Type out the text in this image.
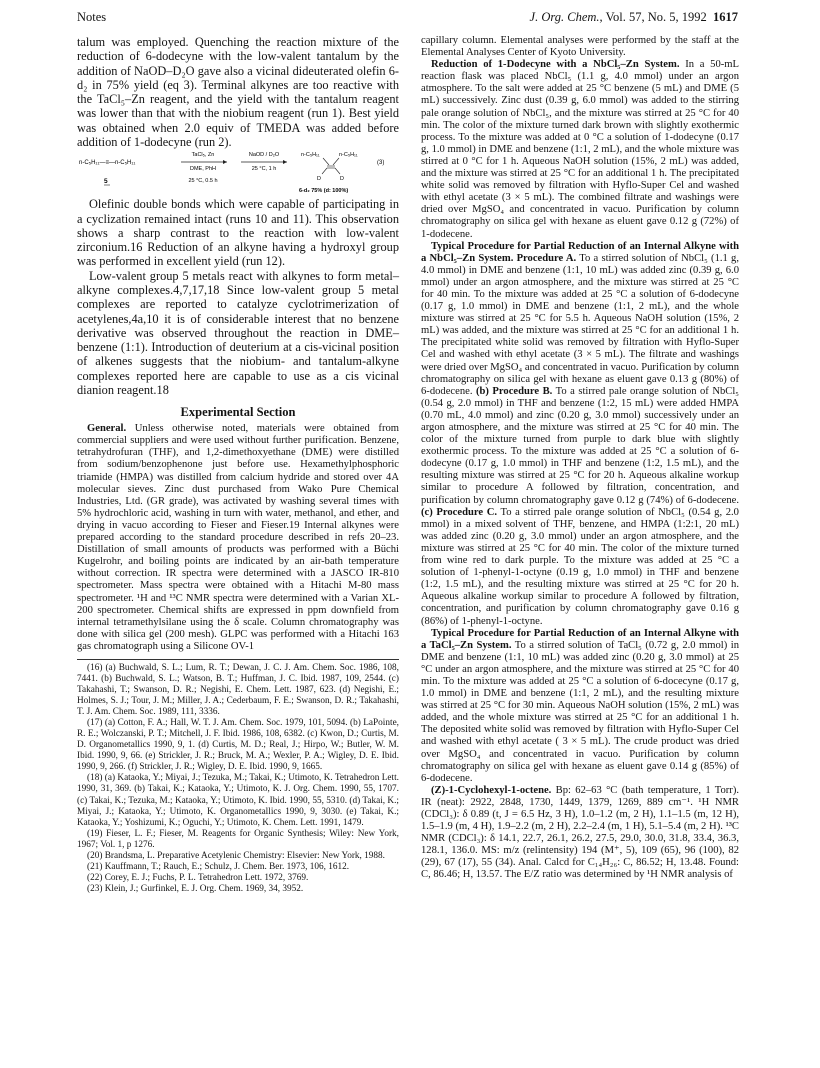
Notes	J. Org. Chem., Vol. 57, No. 5, 1992 1617

talum was employed. Quenching the reaction mixture of the reduction of 6-dodecyne with the low-valent tantalum by the addition of NaOD–D₂O gave also a vicinal dideuterated olefin 6-d₂ in 75% yield (eq 3). Terminal alkynes are too reactive with the TaCl₅–Zn reagent, and the yield with the tantalum reagent was lower than that with the niobium reagent (run 1). Best yield was obtained when 2.0 equiv of TMEDA was added before addition of 1-dodecyne (run 2).

n-C₅H₁₁—≡—n-C₅H₁₁
5
TaCl₅, Zn
DME, PhH
25 °C, 0.5 h
NaOD / D₂O
25 °C, 1 h
n-C₅H₁₁	n-C₅H₁₁
D	D
6-d₂ 75% (d: 100%)
(3)

Olefinic double bonds which were capable of participating in a cyclization remained intact (runs 10 and 11). This observation shows a sharp contrast to the reaction with low-valent zirconium.16 Reduction of an alkyne having a hydroxyl group was performed in excellent yield (run 12).

Low-valent group 5 metals react with alkynes to form metal–alkyne complexes.4,7,17,18 Since low-valent group 5 metal complexes are reported to catalyze cyclotrimerization of acetylenes,4a,10 it is of considerable interest that no benzene derivative was observed throughout the reaction in DME–benzene (1:1). Introduction of deuterium at a cis-vicinal position of alkenes suggests that the niobium- and tantalum-alkyne complexes reported here are capable to use as a cis vicinal dianion reagent.18

Experimental Section

General. Unless otherwise noted, materials were obtained from commercial suppliers and were used without further purification. Benzene, tetrahydrofuran (THF), and 1,2-dimethoxyethane (DME) were distilled from sodium/benzophenone just before use. Hexamethylphosphoric triamide (HMPA) was distilled from calcium hydride and stored over 4A molecular sieves. Zinc dust purchased from Wako Pure Chemical Industries, Ltd. (GR grade), was activated by washing several times with 5% hydrochloric acid, washing in turn with water, methanol, and ether, and drying in vacuo according to Fieser and Fieser.19 Internal alkynes were prepared according to the standard procedure described in refs 20–23. Distillation of small amounts of products was performed with a Büchi Kugelrohr, and boiling points are indicated by an air-bath temperature without correction. IR spectra were determined with a JASCO IR-810 spectrometer. Mass spectra were obtained with a Hitachi M-80 mass spectrometer. ¹H and ¹³C NMR spectra were determined with a Varian XL-200 spectrometer. Chemical shifts are expressed in ppm downfield from internal tetramethylsilane using the δ scale. Column chromatography was done with silica gel (200 mesh). GLPC was performed with a Hitachi 163 gas chromatograph using a Silicone OV-1

(16) (a) Buchwald, S. L.; Lum, R. T.; Dewan, J. C. J. Am. Chem. Soc. 1986, 108, 7441. (b) Buchwald, S. L.; Watson, B. T.; Huffman, J. C. Ibid. 1987, 109, 2544. (c) Takahashi, T.; Swanson, D. R.; Negishi, E. Chem. Lett. 1987, 623. (d) Negishi, E.; Holmes, S. J.; Tour, J. M.; Miller, J. A.; Cederbaum, F. E.; Swanson, D. R.; Takahashi, T. J. Am. Chem. Soc. 1989, 111, 3336.

(17) (a) Cotton, F. A.; Hall, W. T. J. Am. Chem. Soc. 1979, 101, 5094. (b) LaPointe, R. E.; Wolczanski, P. T.; Mitchell, J. F. Ibid. 1986, 108, 6382. (c) Kwon, D.; Curtis, M. D. Organometallics 1990, 9, 1. (d) Curtis, M. D.; Real, J.; Hirpo, W.; Butler, W. M. Ibid. 1990, 9, 66. (e) Strickler, J. R.; Bruck, M. A.; Wexler, P. A.; Wigley, D. E. Ibid. 1990, 9, 266. (f) Strickler, J. R.; Wigley, D. E. Ibid. 1990, 9, 1665.

(18) (a) Kataoka, Y.; Miyai, J.; Tezuka, M.; Takai, K.; Utimoto, K. Tetrahedron Lett. 1990, 31, 369. (b) Takai, K.; Kataoka, Y.; Utimoto, K. J. Org. Chem. 1990, 55, 1707. (c) Takai, K.; Tezuka, M.; Kataoka, Y.; Utimoto, K. Ibid. 1990, 55, 5310. (d) Takai, K.; Miyai, J.; Kataoka, Y.; Utimoto, K. Organometallics 1990, 9, 3030. (e) Takai, K.; Kataoka, Y.; Yoshizumi, K.; Oguchi, Y.; Utimoto, K. Chem. Lett. 1991, 1479.

(19) Fieser, L. F.; Fieser, M. Reagents for Organic Synthesis; Wiley: New York, 1967; Vol. 1, p 1276.

(20) Brandsma, L. Preparative Acetylenic Chemistry: Elsevier: New York, 1988.

(21) Kauffmann, T.; Rauch, E.; Schulz, J. Chem. Ber. 1973, 106, 1612.

(22) Corey, E. J.; Fuchs, P. L. Tetrahedron Lett. 1972, 3769.

(23) Klein, J.; Gurfinkel, E. J. Org. Chem. 1969, 34, 3952.

capillary column. Elemental analyses were performed by the staff at the Elemental Analyses Center of Kyoto University.

Reduction of 1-Dodecyne with a NbCl₅–Zn System. In a 50-mL reaction flask was placed NbCl₅ (1.1 g, 4.0 mmol) under an argon atmosphere. To the salt were added at 25 °C benzene (5 mL) and DME (5 mL) successively. Zinc dust (0.39 g, 6.0 mmol) was added to the stirring pale orange solution of NbCl₅, and the mixture was stirred at 25 °C for 40 min. The color of the mixture turned dark brown with slightly exothermic process. To the mixture was added at 0 °C a solution of 1-dodecyne (0.17 g, 1.0 mmol) in DME and benzene (1:1, 2 mL), and the whole mixture was stirred at 0 °C for 1 h. Aqueous NaOH solution (15%, 2 mL) was added, and the mixture was stirred at 25 °C for an additional 1 h. The precipitated white solid was removed by filtration with Hyflo-Super Cel and washed with ethyl acetate (3 × 5 mL). The combined filtrate and washings were dried over MgSO₄ and concentrated in vacuo. Purification by column chromatography on silica gel with hexane as eluent gave 0.12 g (72%) of 1-dodecene.

Typical Procedure for Partial Reduction of an Internal Alkyne with a NbCl₅–Zn System. Procedure A. To a stirred solution of NbCl₅ (1.1 g, 4.0 mmol) in DME and benzene (1:1, 10 mL) was added zinc (0.39 g, 6.0 mmol) under an argon atmosphere, and the mixture was stirred at 25 °C for 40 min. To the mixture was added at 25 °C a solution of 6-dodecyne (0.17 g, 1.0 mmol) in DME and benzene (1:1, 2 mL), and the whole mixture was stirred at 25 °C for 5.5 h. Aqueous NaOH solution (15%, 2 mL) was added, and the mixture was stirred at 25 °C for an additional 1 h. The precipitated white solid was removed by filtration with Hyflo-Super Cel and washed with ethyl acetate (3 × 5 mL). The filtrate and washings were dried over MgSO₄ and concentrated in vacuo. Purification by column chromatography on silica gel with hexane as eluent gave 0.13 g (80%) of 6-dodecene. (b) Procedure B. To a stirred pale orange solution of NbCl₅ (0.54 g, 2.0 mmol) in THF and benzene (1:2, 15 mL) were added HMPA (0.70 mL, 4.0 mmol) and zinc (0.20 g, 3.0 mmol) successively under an argon atmosphere, and the mixture was stirred at 25 °C for 40 min. The color of the mixture turned from purple to dark blue with slightly exothermic process. To the mixture was added at 25 °C a solution of 6-dodecyne (0.17 g, 1.0 mmol) in THF and benzene (1:2, 1.5 mL), and the resulting mixture was stirred at 25 °C for 20 h. Aqueous alkaline workup similar to procedure A followed by filtration, concentration, and purification by column chromatography gave 0.12 g (74%) of 6-dodecene. (c) Procedure C. To a stirred pale orange solution of NbCl₅ (0.54 g, 2.0 mmol) in a mixed solvent of THF, benzene, and HMPA (1:2:1, 20 mL) was added zinc (0.20 g, 3.0 mmol) under an argon atmosphere, and the mixture was stirred at 25 °C for 40 min. The color of the mixture turned from wine red to dark purple. To the mixture was added at 25 °C a solution of 1-phenyl-1-octyne (0.19 g, 1.0 mmol) in THF and benzene (1:2, 1.5 mL), and the resulting mixture was stirred at 25 °C for 20 h. Aqueous alkaline workup similar to procedure A followed by filtration, concentration, and purification by column chromatography gave 0.16 g (86%) of 1-phenyl-1-octyne.

Typical Procedure for Partial Reduction of an Internal Alkyne with a TaCl₅–Zn System. To a stirred solution of TaCl₅ (0.72 g, 2.0 mmol) in DME and benzene (1:1, 10 mL) was added zinc (0.20 g, 3.0 mmol) at 25 °C under an argon atmosphere, and the mixture was stirred at 25 °C for 40 min. To the mixture was added at 25 °C a solution of 6-docecyne (0.17 g, 1.0 mmol) in DME and benzene (1:1, 2 mL), and the resulting mixture was stirred at 25 °C for 30 min. Aqueous NaOH solution (15%, 2 mL) was added, and the whole mixture was stirred at 25 °C for an additional 1 h. The deposited white solid was removed by filtration with Hyflo-Super Cel and washed with ethyl acetate ( 3 × 5 mL). The crude product was dried over MgSO₄ and concentrated in vacuo. Purification by column chromatography on silica gel with hexane as eluent gave 0.14 g (85%) of 6-dodecene.

(Z)-1-Cyclohexyl-1-octene. Bp: 62–63 °C (bath temperature, 1 Torr). IR (neat): 2922, 2848, 1730, 1449, 1379, 1269, 889 cm⁻¹. ¹H NMR (CDCl₃): δ 0.89 (t, J = 6.5 Hz, 3 H), 1.0–1.2 (m, 2 H), 1.1–1.5 (m, 12 H), 1.5–1.9 (m, 4 H), 1.9–2.2 (m, 2 H), 2.2–2.4 (m, 1 H), 5.1–5.4 (m, 2 H). ¹³C NMR (CDCl₃): δ 14.1, 22.7, 26.1, 26.2, 27.5, 29.0, 30.0, 31.8, 33.4, 36.3, 128.1, 136.0. MS: m/z (relintensity) 194 (M⁺, 5), 109 (65), 96 (100), 82 (29), 67 (17), 55 (34). Anal. Calcd for C₁₄H₂₆: C, 86.52; H, 13.48. Found: C, 86.46; H, 13.57. The E/Z ratio was determined by ¹H NMR analysis of
